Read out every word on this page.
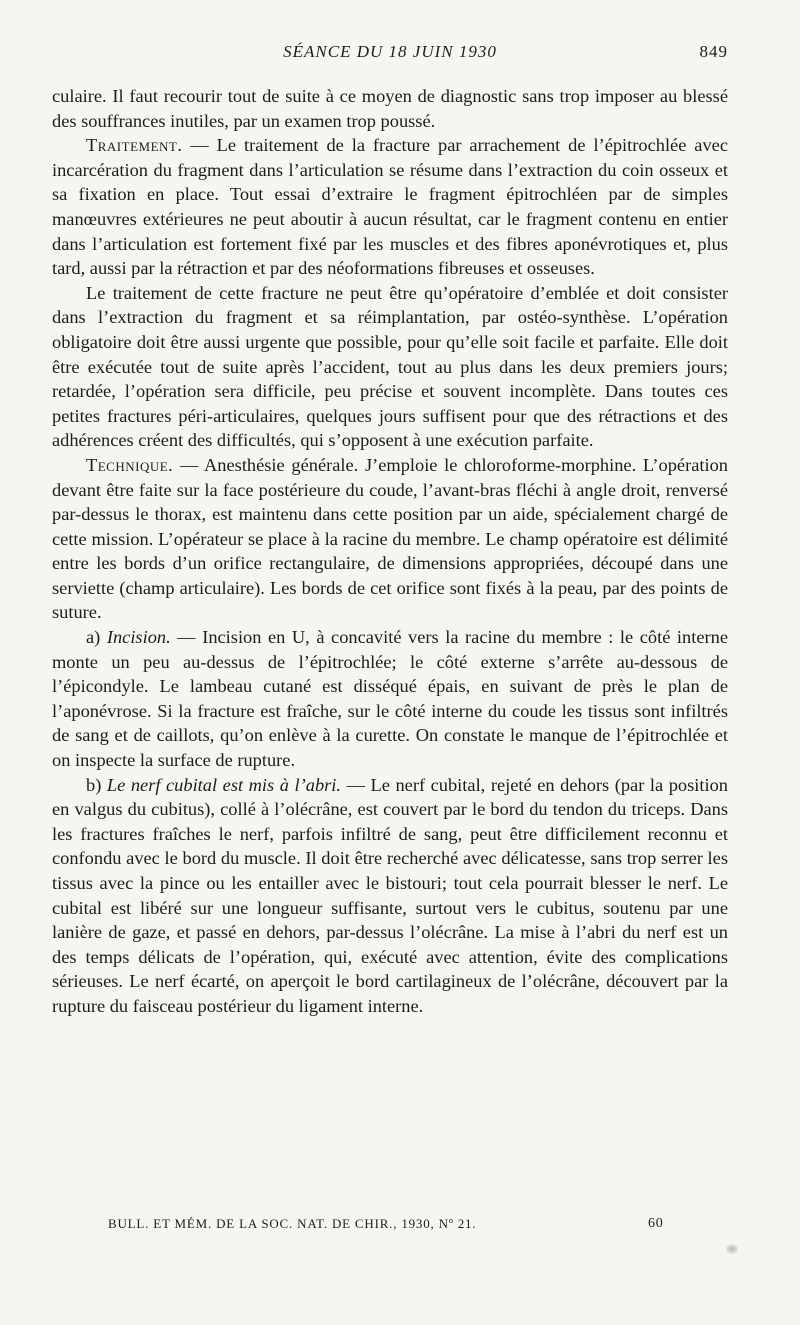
SÉANCE DU 18 JUIN 1930	849

culaire. Il faut recourir tout de suite à ce moyen de diagnostic sans trop imposer au blessé des souffrances inutiles, par un examen trop poussé.

Traitement. — Le traitement de la fracture par arrachement de l’épitrochlée avec incarcération du fragment dans l’articulation se résume dans l’extraction du coin osseux et sa fixation en place. Tout essai d’extraire le fragment épitrochléen par de simples manœuvres extérieures ne peut aboutir à aucun résultat, car le fragment contenu en entier dans l’articulation est fortement fixé par les muscles et des fibres aponévrotiques et, plus tard, aussi par la rétraction et par des néoformations fibreuses et osseuses.

Le traitement de cette fracture ne peut être qu’opératoire d’emblée et doit consister dans l’extraction du fragment et sa réimplantation, par ostéo-synthèse. L’opération obligatoire doit être aussi urgente que possible, pour qu’elle soit facile et parfaite. Elle doit être exécutée tout de suite après l’accident, tout au plus dans les deux premiers jours; retardée, l’opération sera difficile, peu précise et souvent incomplète. Dans toutes ces petites fractures péri-articulaires, quelques jours suffisent pour que des rétractions et des adhérences créent des difficultés, qui s’opposent à une exécution parfaite.

Technique. — Anesthésie générale. J’emploie le chloroforme-morphine. L’opération devant être faite sur la face postérieure du coude, l’avant-bras fléchi à angle droit, renversé par-dessus le thorax, est maintenu dans cette position par un aide, spécialement chargé de cette mission. L’opérateur se place à la racine du membre. Le champ opératoire est délimité entre les bords d’un orifice rectangulaire, de dimensions appropriées, découpé dans une serviette (champ articulaire). Les bords de cet orifice sont fixés à la peau, par des points de suture.

a) Incision. — Incision en U, à concavité vers la racine du membre : le côté interne monte un peu au-dessus de l’épitrochlée; le côté externe s’arrête au-dessous de l’épicondyle. Le lambeau cutané est disséqué épais, en suivant de près le plan de l’aponévrose. Si la fracture est fraîche, sur le côté interne du coude les tissus sont infiltrés de sang et de caillots, qu’on enlève à la curette. On constate le manque de l’épitrochlée et on inspecte la surface de rupture.

b) Le nerf cubital est mis à l’abri. — Le nerf cubital, rejeté en dehors (par la position en valgus du cubitus), collé à l’olécrâne, est couvert par le bord du tendon du triceps. Dans les fractures fraîches le nerf, parfois infiltré de sang, peut être difficilement reconnu et confondu avec le bord du muscle. Il doit être recherché avec délicatesse, sans trop serrer les tissus avec la pince ou les entailler avec le bistouri; tout cela pourrait blesser le nerf. Le cubital est libéré sur une longueur suffisante, surtout vers le cubitus, soutenu par une lanière de gaze, et passé en dehors, par-dessus l’olécrâne. La mise à l’abri du nerf est un des temps délicats de l’opération, qui, exécuté avec attention, évite des complications sérieuses. Le nerf écarté, on aperçoit le bord cartilagineux de l’olécrâne, découvert par la rupture du faisceau postérieur du ligament interne.

BULL. ET MÉM. DE LA SOC. NAT. DE CHIR., 1930, Nº 21.	60
